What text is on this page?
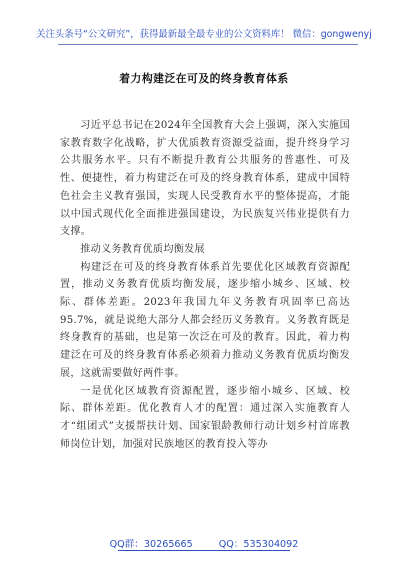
关注头条号“公文研究”，获得最新最全最专业的公文资料库！ 微信：gongwenyj
着力构建泛在可及的终身教育体系

习近平总书记在2024年全国教育大会上强调，深入实施国家教育数字化战略，扩大优质教育资源受益面，提升终身学习公共服务水平。只有不断提升教育公共服务的普惠性、可及性、便捷性，着力构建泛在可及的终身教育体系，建成中国特色社会主义教育强国，实现人民受教育水平的整体提高，才能以中国式现代化全面推进强国建设，为民族复兴伟业提供有力支撑。

推动义务教育优质均衡发展

构建泛在可及的终身教育体系首先要优化区域教育资源配置，推动义务教育优质均衡发展，逐步缩小城乡、区域、校际、群体差距。2023年我国九年义务教育巩固率已高达95.7%，就是说绝大部分人都会经历义务教育。义务教育既是终身教育的基础，也是第一次泛在可及的教育。因此，着力构建泛在可及的终身教育体系必须着力推动义务教育优质均衡发展，这就需要做好两件事。

一是优化区域教育资源配置，逐步缩小城乡、区域、校际、群体差距。优化教育人才的配置：通过深入实施教育人才“组团式”支援帮扶计划、国家银龄教师行动计划乡村首席教师岗位计划，加强对民族地区的教育投入等办

QQ群：30265665	QQ：535304092
